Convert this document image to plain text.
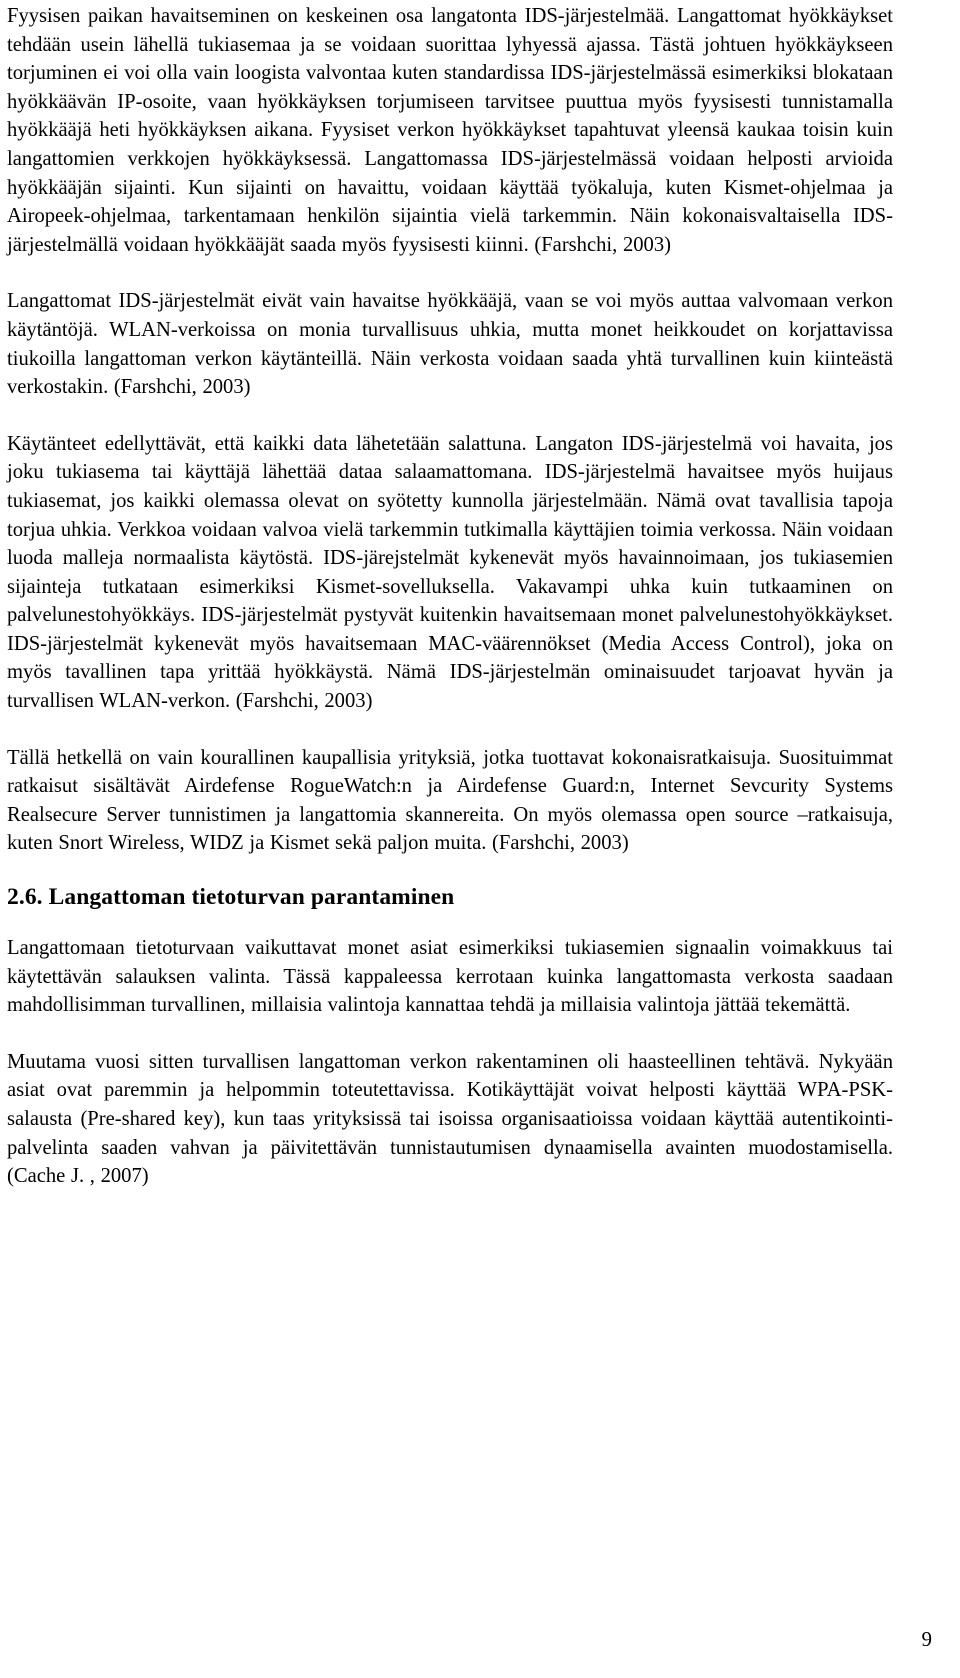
Fyysisen paikan havaitseminen on keskeinen osa langatonta IDS-järjestelmää. Langattomat hyökkäykset tehdään usein lähellä tukiasemaa ja se voidaan suorittaa lyhyessä ajassa. Tästä johtuen hyökkäykseen torjuminen ei voi olla vain loogista valvontaa kuten standardissa IDS-järjestelmässä esimerkiksi blokataan hyökkäävän IP-osoite, vaan hyökkäyksen torjumiseen tarvitsee puuttua myös fyysisesti tunnistamalla hyökkääjä heti hyökkäyksen aikana. Fyysiset verkon hyökkäykset tapahtuvat yleensä kaukaa toisin kuin langattomien verkkojen hyökkäyksessä. Langattomassa IDS-järjestelmässä voidaan helposti arvioida hyökkääjän sijainti. Kun sijainti on havaittu, voidaan käyttää työkaluja, kuten Kismet-ohjelmaa ja Airopeek-ohjelmaa, tarkentamaan henkilön sijaintia vielä tarkemmin. Näin kokonaisvaltaisella IDS-järjestelmällä voidaan hyökkääjät saada myös fyysisesti kiinni. (Farshchi, 2003)

Langattomat IDS-järjestelmät eivät vain havaitse hyökkääjä, vaan se voi myös auttaa valvomaan verkon käytäntöjä. WLAN-verkoissa on monia turvallisuus uhkia, mutta monet heikkoudet on korjattavissa tiukoilla langattoman verkon käytänteillä. Näin verkosta voidaan saada yhtä turvallinen kuin kiinteästä verkostakin. (Farshchi, 2003)

Käytänteet edellyttävät, että kaikki data lähetetään salattuna. Langaton IDS-järjestelmä voi havaita, jos joku tukiasema tai käyttäjä lähettää dataa salaamattomana. IDS-järjestelmä havaitsee myös huijaus tukiasemat, jos kaikki olemassa olevat on syötetty kunnolla järjestelmään. Nämä ovat tavallisia tapoja torjua uhkia. Verkkoa voidaan valvoa vielä tarkemmin tutkimalla käyttäjien toimia verkossa. Näin voidaan luoda malleja normaalista käytöstä. IDS-järejstelmät kykenevät myös havainnoimaan, jos tukiasemien sijainteja tutkataan esimerkiksi Kismet-sovelluksella. Vakavampi uhka kuin tutkaaminen on palvelunestohyökkäys. IDS-järjestelmät pystyvät kuitenkin havaitsemaan monet palvelunestohyökkäykset. IDS-järjestelmät kykenevät myös havaitsemaan MAC-väärennökset (Media Access Control), joka on myös tavallinen tapa yrittää hyökkäystä. Nämä IDS-järjestelmän ominaisuudet tarjoavat hyvän ja turvallisen WLAN-verkon. (Farshchi, 2003)

Tällä hetkellä on vain kourallinen kaupallisia yrityksiä, jotka tuottavat kokonaisratkaisuja. Suosituimmat ratkaisut sisältävät Airdefense RogueWatch:n ja Airdefense Guard:n, Internet Sevcurity Systems Realsecure Server tunnistimen ja langattomia skannereita. On myös olemassa open source –ratkaisuja, kuten Snort Wireless, WIDZ ja Kismet sekä paljon muita. (Farshchi, 2003)

2.6. Langattoman tietoturvan parantaminen

Langattomaan tietoturvaan vaikuttavat monet asiat esimerkiksi tukiasemien signaalin voimakkuus tai käytettävän salauksen valinta. Tässä kappaleessa kerrotaan kuinka langattomasta verkosta saadaan mahdollisimman turvallinen, millaisia valintoja kannattaa tehdä ja millaisia valintoja jättää tekemättä.

Muutama vuosi sitten turvallisen langattoman verkon rakentaminen oli haasteellinen tehtävä. Nykyään asiat ovat paremmin ja helpommin toteutettavissa. Kotikäyttäjät voivat helposti käyttää WPA-PSK-salausta (Pre-shared key), kun taas yrityksissä tai isoissa organisaatioissa voidaan käyttää autentikointi-palvelinta saaden vahvan ja päivitettävän tunnistautumisen dynaamisella avainten muodostamisella. (Cache J. , 2007)

9
